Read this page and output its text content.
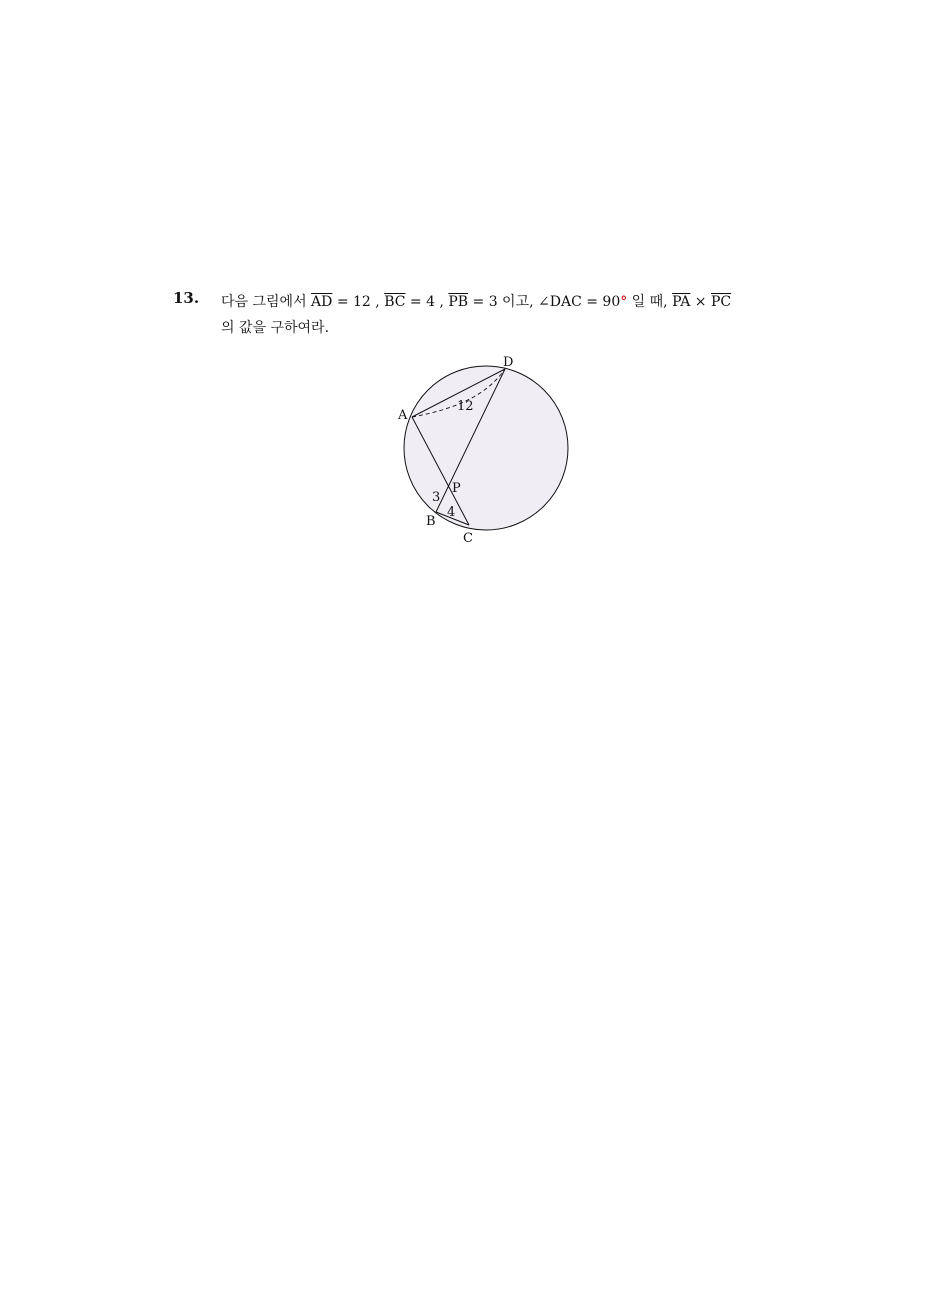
13. 다음 그림에서 $\overline{AD} = 12$ , $\overline{BC} = 4$ , $\overline{PB} = 3$ 이고, ∠DAC = 90° 일 때, $\overline{PA} \times \overline{PC}$
의 값을 구하여라.
A
D
P
B
C
12
3
4
